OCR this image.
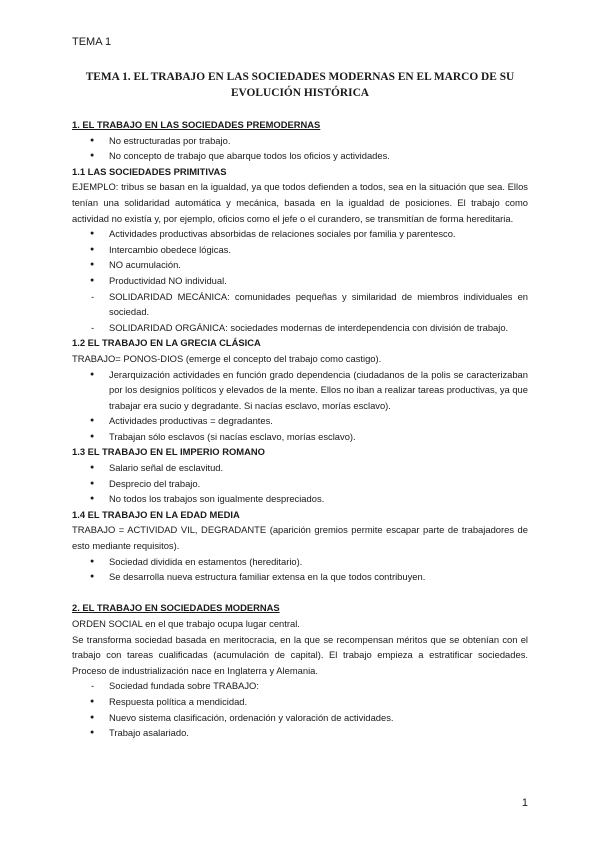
TEMA 1
TEMA 1. EL TRABAJO EN LAS SOCIEDADES MODERNAS EN EL MARCO DE SU EVOLUCIÓN HISTÓRICA

1. EL TRABAJO EN LAS SOCIEDADES PREMODERNAS

● No estructuradas por trabajo.
● No concepto de trabajo que abarque todos los oficios y actividades.

1.1 LAS SOCIEDADES PRIMITIVAS

EJEMPLO: tribus se basan en la igualdad, ya que todos defienden a todos, sea en la situación que sea. Ellos tenían una solidaridad automática y mecánica, basada en la igualdad de posiciones. El trabajo como actividad no existía y, por ejemplo, oficios como el jefe o el curandero, se transmitían de forma hereditaria.

● Actividades productivas absorbidas de relaciones sociales por familia y parentesco.
● Intercambio obedece lógicas.
● NO acumulación.
● Productividad NO individual.
- SOLIDARIDAD MECÁNICA: comunidades pequeñas y similaridad de miembros individuales en sociedad.
- SOLIDARIDAD ORGÁNICA: sociedades modernas de interdependencia con división de trabajo.

1.2 EL TRABAJO EN LA GRECIA CLÁSICA

TRABAJO= PONOS-DIOS (emerge el concepto del trabajo como castigo).

● Jerarquización actividades en función grado dependencia (ciudadanos de la polis se caracterizaban por los designios políticos y elevados de la mente. Ellos no iban a realizar tareas productivas, ya que trabajar era sucio y degradante. Si nacías esclavo, morías esclavo).
● Actividades productivas = degradantes.
● Trabajan sólo esclavos (si nacías esclavo, morías esclavo).

1.3 EL TRABAJO EN EL IMPERIO ROMANO

● Salario señal de esclavitud.
● Desprecio del trabajo.
● No todos los trabajos son igualmente despreciados.

1.4 EL TRABAJO EN LA EDAD MEDIA

TRABAJO = ACTIVIDAD VIL, DEGRADANTE (aparición gremios permite escapar parte de trabajadores de esto mediante requisitos).

● Sociedad dividida en estamentos (hereditario).
● Se desarrolla nueva estructura familiar extensa en la que todos contribuyen.

2. EL TRABAJO EN SOCIEDADES MODERNAS

ORDEN SOCIAL en el que trabajo ocupa lugar central.

Se transforma sociedad basada en meritocracia, en la que se recompensan méritos que se obtenían con el trabajo con tareas cualificadas (acumulación de capital). El trabajo empieza a estratificar sociedades. Proceso de industrialización nace en Inglaterra y Alemania.

- Sociedad fundada sobre TRABAJO:
● Respuesta política a mendicidad.
● Nuevo sistema clasificación, ordenación y valoración de actividades.
● Trabajo asalariado.
1
